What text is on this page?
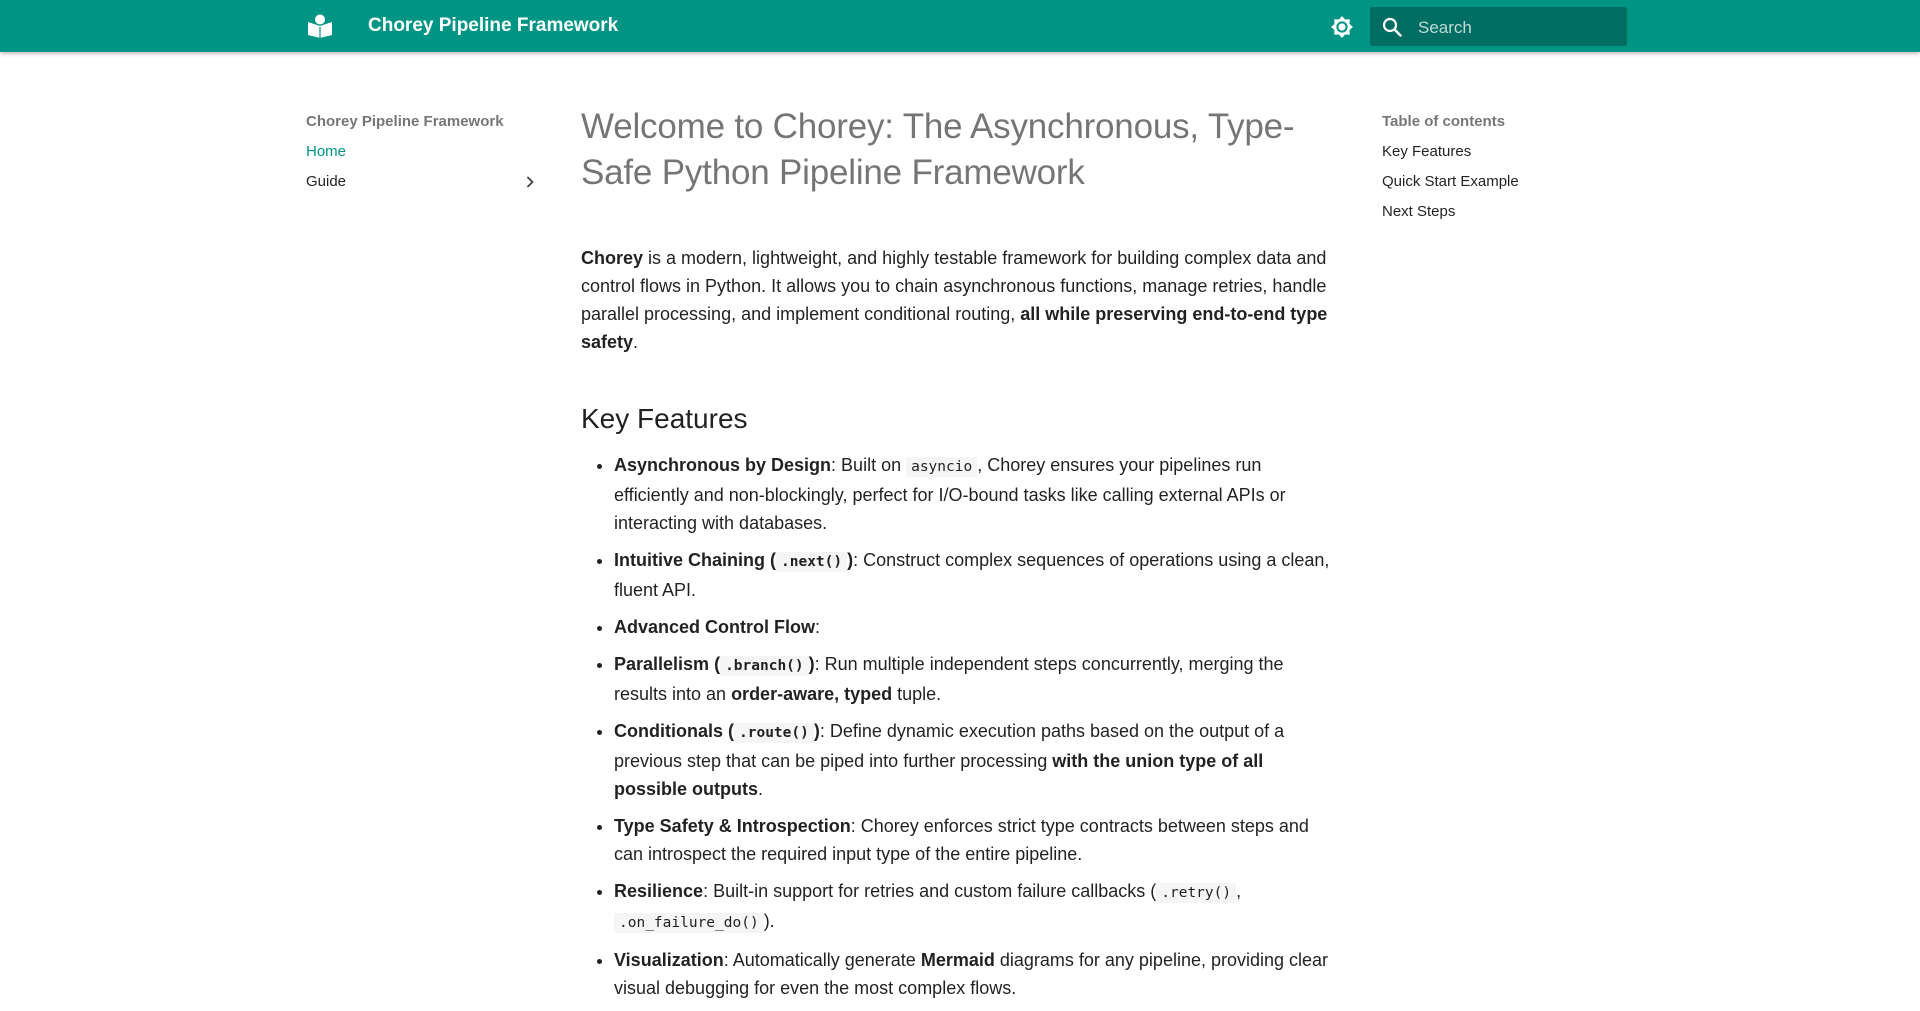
Chorey Pipeline Framework
Search
Chorey Pipeline Framework
Home
Guide
Table of contents
Key Features
Quick Start Example
Next Steps
Welcome to Chorey: The Asynchronous, Type-Safe Python Pipeline Framework

Chorey is a modern, lightweight, and highly testable framework for building complex data and control flows in Python. It allows you to chain asynchronous functions, manage retries, handle parallel processing, and implement conditional routing, all while preserving end-to-end type safety.

Key Features
• Asynchronous by Design: Built on asyncio , Chorey ensures your pipelines run efficiently and non-blockingly, perfect for I/O-bound tasks like calling external APIs or interacting with databases.
• Intuitive Chaining ( .next() ): Construct complex sequences of operations using a clean, fluent API.
• Advanced Control Flow:
• Parallelism ( .branch() ): Run multiple independent steps concurrently, merging the results into an order-aware, typed tuple.
• Conditionals ( .route() ): Define dynamic execution paths based on the output of a previous step that can be piped into further processing with the union type of all possible outputs.
• Type Safety & Introspection: Chorey enforces strict type contracts between steps and can introspect the required input type of the entire pipeline.
• Resilience: Built-in support for retries and custom failure callbacks ( .retry() , .on_failure_do() ).
• Visualization: Automatically generate Mermaid diagrams for any pipeline, providing clear visual debugging for even the most complex flows.
